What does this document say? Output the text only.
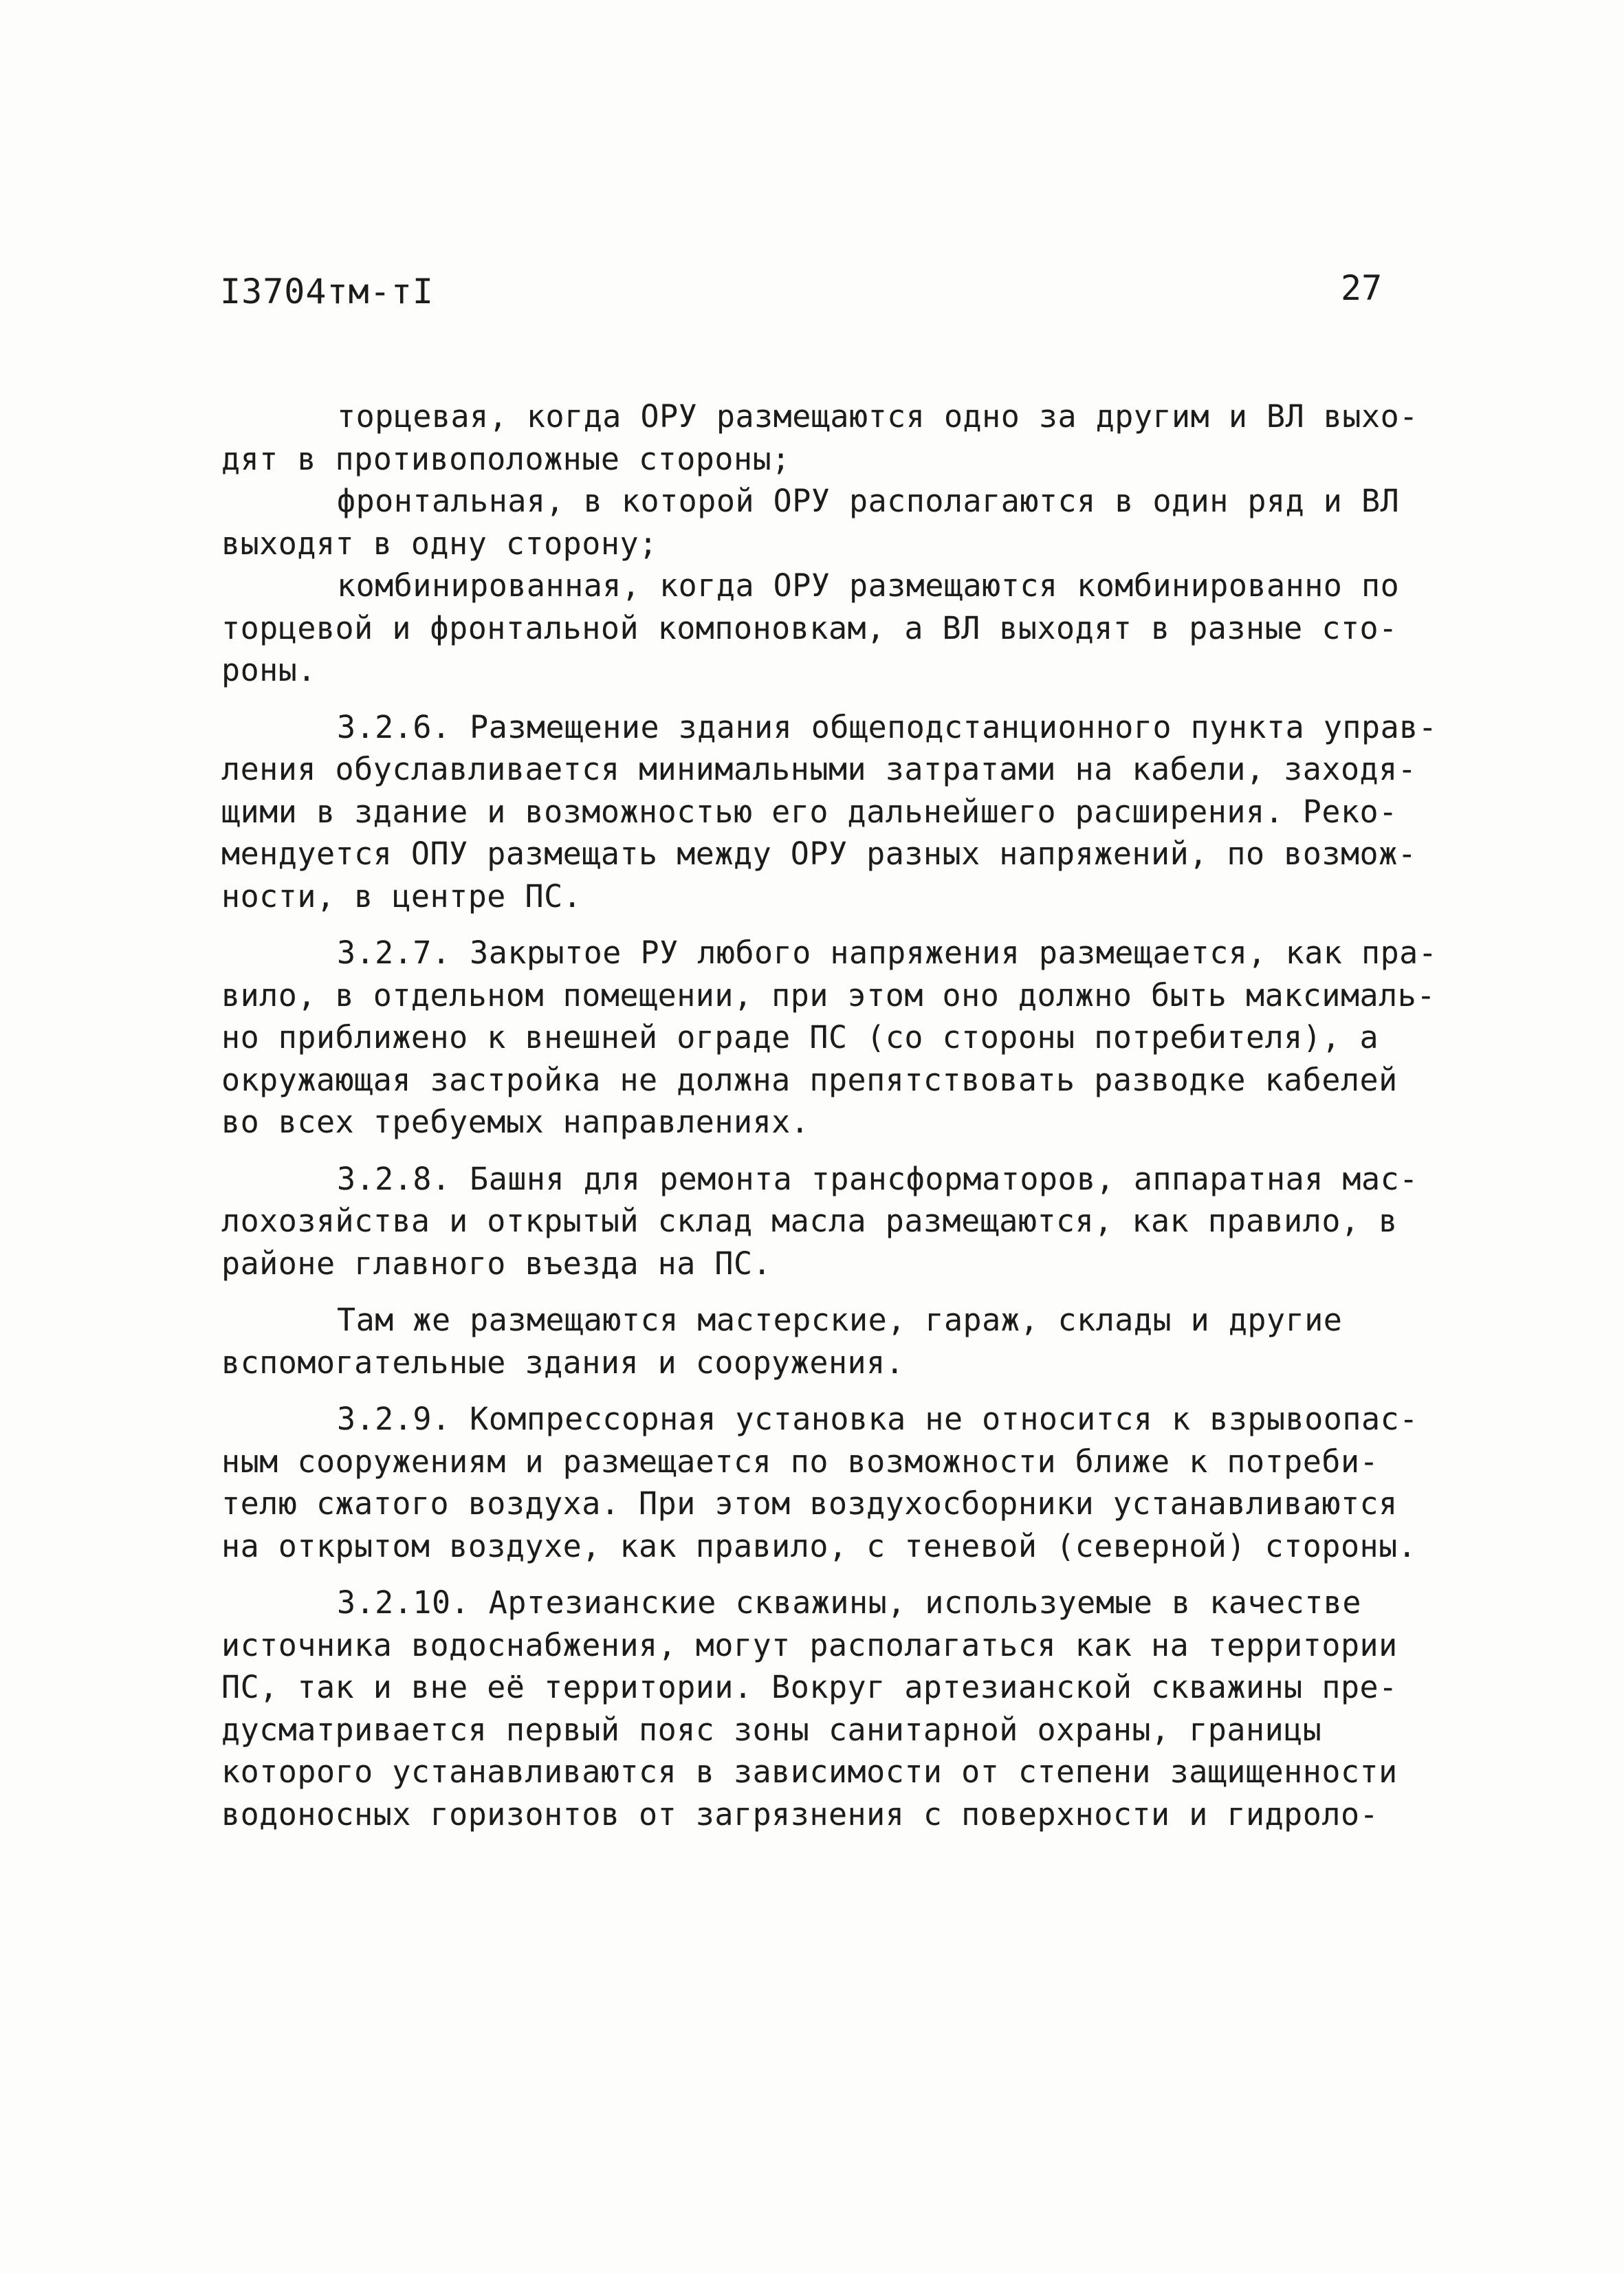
I3704тм-тI	27
торцевая, когда ОРУ размещаются одно за другим и ВЛ выхо-
дят в противоположные стороны;
фронтальная, в которой ОРУ располагаются в один ряд и ВЛ
выходят в одну сторону;
комбинированная, когда ОРУ размещаются комбинированно по
торцевой и фронтальной компоновкам, а ВЛ выходят в разные сто-
роны.
3.2.6. Размещение здания общеподстанционного пункта управ-
ления обуславливается минимальными затратами на кабели, заходя-
щими в здание и возможностью его дальнейшего расширения. Реко-
мендуется ОПУ размещать между ОРУ разных напряжений, по возмож-
ности, в центре ПС.
3.2.7. Закрытое РУ любого напряжения размещается, как пра-
вило, в отдельном помещении, при этом оно должно быть максималь-
но приближено к внешней ограде ПС (со стороны потребителя), а
окружающая застройка не должна препятствовать разводке кабелей
во всех требуемых направлениях.
3.2.8. Башня для ремонта трансформаторов, аппаратная мас-
лохозяйства и открытый склад масла размещаются, как правило, в
районе главного въезда на ПС.
Там же размещаются мастерские, гараж, склады и другие
вспомогательные здания и сооружения.
3.2.9. Компрессорная установка не относится к взрывоопас-
ным сооружениям и размещается по возможности ближе к потреби-
телю сжатого воздуха. При этом воздухосборники устанавливаются
на открытом воздухе, как правило, с теневой (северной) стороны.
3.2.10. Артезианские скважины, используемые в качестве
источника водоснабжения, могут располагаться как на территории
ПС, так и вне её территории. Вокруг артезианской скважины пре-
дусматривается первый пояс зоны санитарной охраны, границы
которого устанавливаются в зависимости от степени защищенности
водоносных горизонтов от загрязнения с поверхности и гидроло-
